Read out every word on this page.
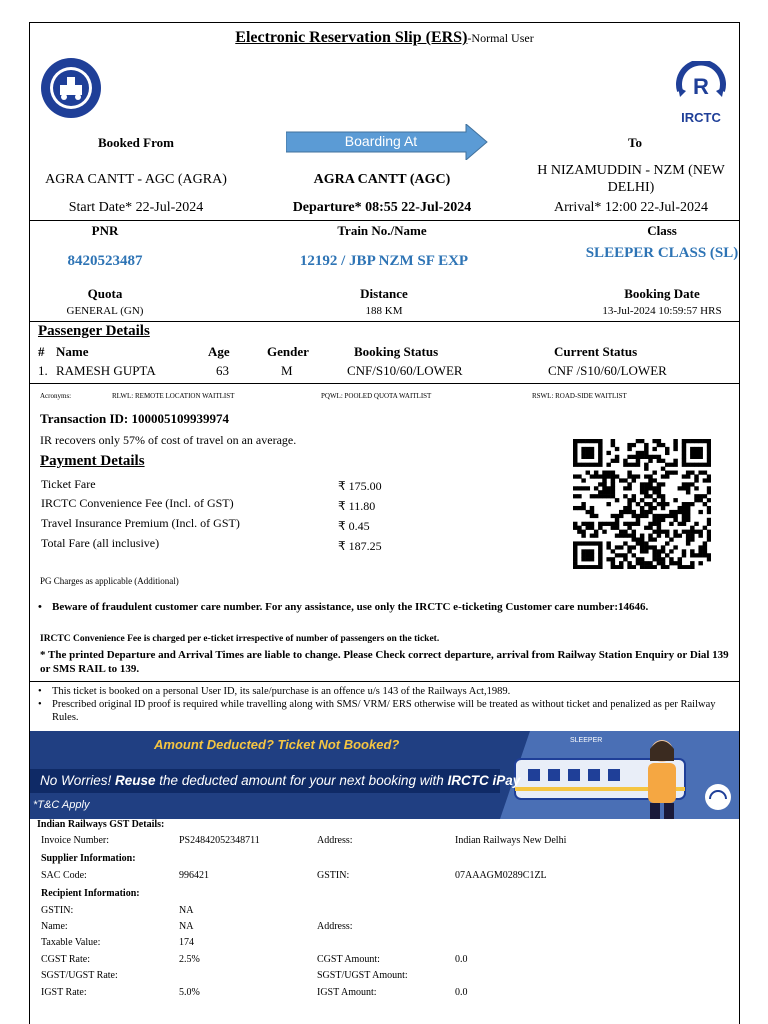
Electronic Reservation Slip (ERS)-Normal User
R
IRCTC
Booked From	Boarding At	To
AGRA CANTT - AGC (AGRA)	AGRA CANTT (AGC)
H NIZAMUDDIN - NZM (NEW DELHI)
Start Date* 22-Jul-2024	Departure* 08:55 22-Jul-2024	Arrival* 12:00 22-Jul-2024
PNR	Train No./Name	Class
8420523487	12192 / JBP NZM SF EXP	SLEEPER CLASS (SL)
Quota	Distance	Booking Date
GENERAL (GN)	188 KM	13-Jul-2024 10:59:57 HRS
Passenger Details
# Name	Age	Gender	Booking Status	Current Status
1. RAMESH GUPTA	63	M	CNF/S10/60/LOWER	CNF /S10/60/LOWER
Acronyms:	RLWL: REMOTE LOCATION WAITLIST	PQWL: POOLED QUOTA WAITLIST	RSWL: ROAD-SIDE WAITLIST
Transaction ID: 100005109939974
IR recovers only 57% of cost of travel on an average.
Payment Details
Ticket Fare	₹ 175.00
IRCTC Convenience Fee (Incl. of GST)	₹ 11.80
Travel Insurance Premium (Incl. of GST)	₹ 0.45
Total Fare (all inclusive)	₹ 187.25
PG Charges as applicable (Additional)
• Beware of fraudulent customer care number. For any assistance, use only the IRCTC e-ticketing Customer care number:14646.
IRCTC Convenience Fee is charged per e-ticket irrespective of number of passengers on the ticket.
* The printed Departure and Arrival Times are liable to change. Please Check correct departure, arrival from Railway Station Enquiry or Dial 139 or SMS RAIL to 139.
• This ticket is booked on a personal User ID, its sale/purchase is an offence u/s 143 of the Railways Act,1989.
• Prescribed original ID proof is required while travelling along with SMS/ VRM/ ERS otherwise will be treated as without ticket and penalized as per Railway Rules.
Amount Deducted? Ticket Not Booked?
No Worries! Reuse the deducted amount for your next booking with IRCTC iPay
*T&C Apply
SLEEPER
Indian Railways GST Details:
Invoice Number:	PS24842052348711	Address:	Indian Railways New Delhi
Supplier Information:
SAC Code:	996421	GSTIN:	07AAAGM0289C1ZL
Recipient Information:
GSTIN:	NA
Name:	NA	Address:
Taxable Value:	174
CGST Rate:	2.5%	CGST Amount:	0.0
SGST/UGST Rate:	SGST/UGST Amount:
IGST Rate:	5.0%	IGST Amount:	0.0
